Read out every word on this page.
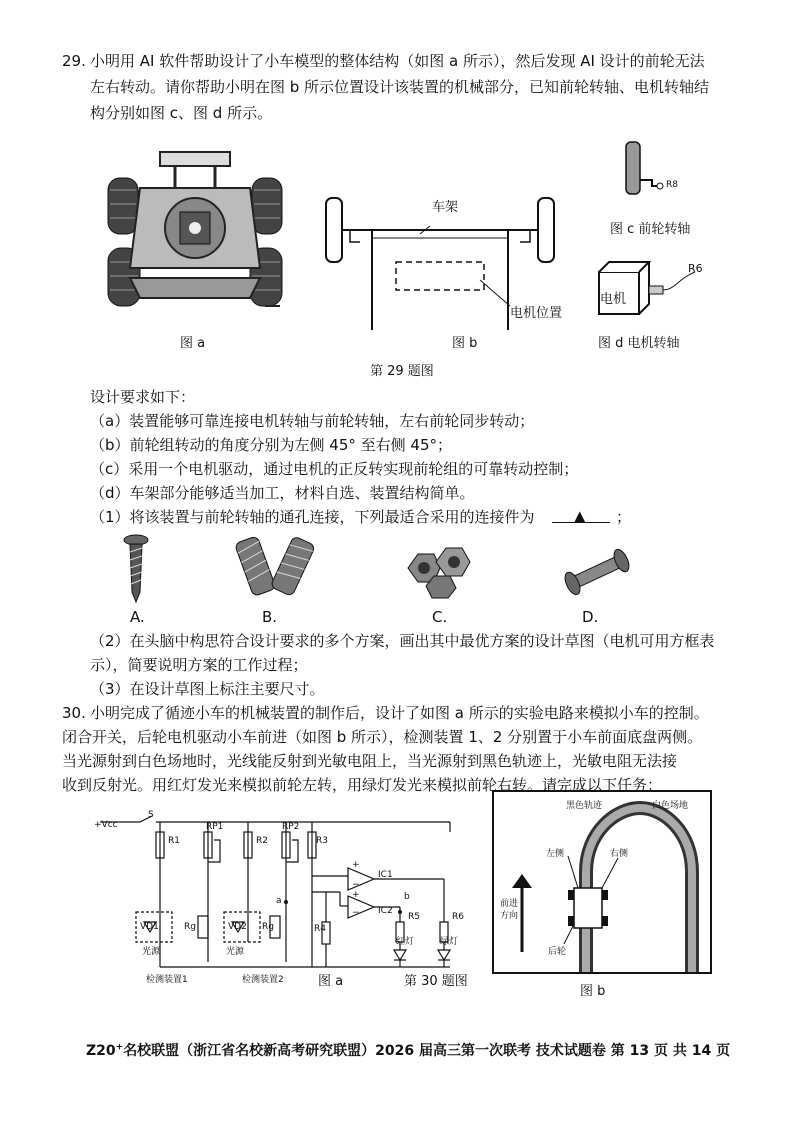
29. 小明用 AI 软件帮助设计了小车模型的整体结构（如图 a 所示），然后发现 AI 设计的前轮无法
左右转动。请你帮助小明在图 b 所示位置设计该装置的机械部分，已知前轮转轴、电机转轴结
构分别如图 c、图 d 所示。
图 a
车架
电机位置
图 b
R8
图 c 前轮转轴
电机
R6
图 d 电机转轴
第 29 题图
设计要求如下：
（a）装置能够可靠连接电机转轴与前轮转轴，左右前轮同步转动；
（b）前轮组转动的角度分别为左侧 45° 至右侧 45°；
（c）采用一个电机驱动，通过电机的正反转实现前轮组的可靠转动控制；
（d）车架部分能够适当加工，材料自选、装置结构简单。
（1）将该装置与前轮转轴的通孔连接，下列最适合采用的连接件为	▲ ；
A.	B.	C.	D.
（2）在头脑中构思符合设计要求的多个方案，画出其中最优方案的设计草图（电机可用方框表
示），简要说明方案的工作过程；
（3）在设计草图上标注主要尺寸。
30. 小明完成了循迹小车的机械装置的制作后，设计了如图 a 所示的实验电路来模拟小车的控制。
闭合开关，后轮电机驱动小车前进（如图 b 所示），检测装置 1、2 分别置于小车前面底盘两侧。
当光源射到白色场地时，光线能反射到光敏电阻上，当光源射到黑色轨迹上，光敏电阻无法接
收到反射光。用红灯发光来模拟前轮左转，用绿灯发光来模拟前轮右转。请完成以下任务：
+Vcc
S
R1
RP1
R2
RP2
R3
IC1
IC2
+
−
+
−
a	b
R4
R5	R6
VD1	Rg	VD2 Rg
光源	光源
红灯	绿灯
检测装置1	检测装置2	图 a	第 30 题图
黑色轨迹	白色场地
左侧	右侧
前进
方向
后轮
图 b
Z20+名校联盟（浙江省名校新高考研究联盟）2026 届高三第一次联考 技术试题卷 第 13 页 共 14 页
